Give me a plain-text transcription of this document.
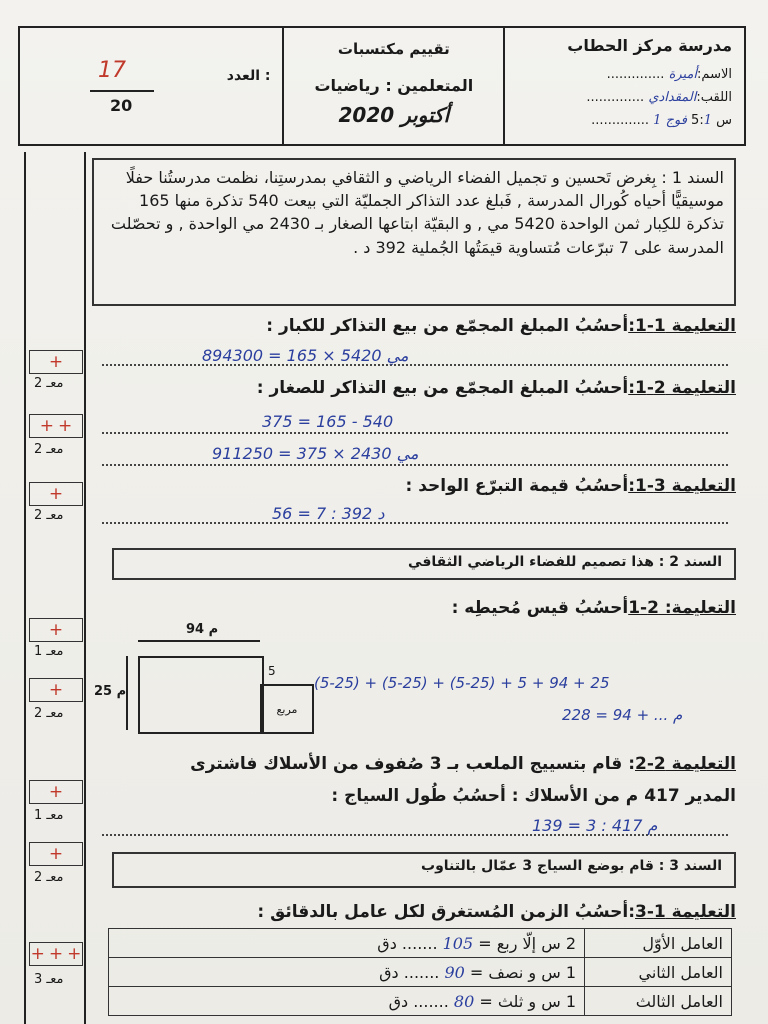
العدد :
17
20
تقييم مكتسبات
المتعلمين : رياضيات
أكتوبر 2020
مدرسة مركز الحطاب
الاسم:أميرة ..............
اللقب:المقدادي ..............
س 5:1 فوج 1 ..............
+
معـ 2
+ +
معـ 2
+
معـ 2
+
معـ 1
+
معـ 2
+
معـ 1
+
معـ 2
+ + +
معـ 3
السند 1 : بِغرض تَحسين و تجميل الفضاء الرياضي و الثقافي بمدرستِنا، نظمت مدرستُنا حفلًا موسيقيًّا أحياه كُورال المدرسة , فَبلغ عدد التذاكر الجمليّة التي بيعت 540 تذكرة منها 165 تذكرة للكِبار ثمن الواحدة 5420 مي , و البقيّة ابتاعها الصغار بـ 2430 مي الواحدة , و تحصّلت المدرسة على 7 تبرّعات مُتساوية قيمَتُها الجُملية 392 د .
التعليمة 1-1:أحسُبُ المبلغ المجمّع من بيع التذاكر للكبار :
894300 = 165 × 5420 مي
التعليمة 2-1:أحسُبُ المبلغ المجمّع من بيع التذاكر للصغار :
375 = 165 - 540
911250 = 375 × 2430 مي
التعليمة 3-1:أحسُبُ قيمة التبرّع الواحد :
56 = 7 : 392 د
السند 2 : هذا تصميم للفضاء الرياضي الثقافي
التعليمة: 2-1أحسُبُ قيس مُحيطِه :
94 م
25 م
5
مربع
(5-25) + (5-25) + (5-25) + 5 + 94 + 25
228 = 94 + ... م
التعليمة 2-2: قام بتسييج الملعب بـ 3 صُفوف من الأسلاك فاشترى
المدير 417 م من الأسلاك : أحسُبُ طُول السياج :
139 = 3 : 417 م
السند 3 : قام بوضع السياج 3 عمّال بالتناوب
التعليمة 1-3:أحسُبُ الزمن المُستغرق لكل عامل بالدقائق :
العامل الأوّل	2 س إلّا ربع = 105 ....... دق
العامل الثاني	1 س و نصف = 90 ....... دق
العامل الثالث	1 س و ثلث = 80 ....... دق
